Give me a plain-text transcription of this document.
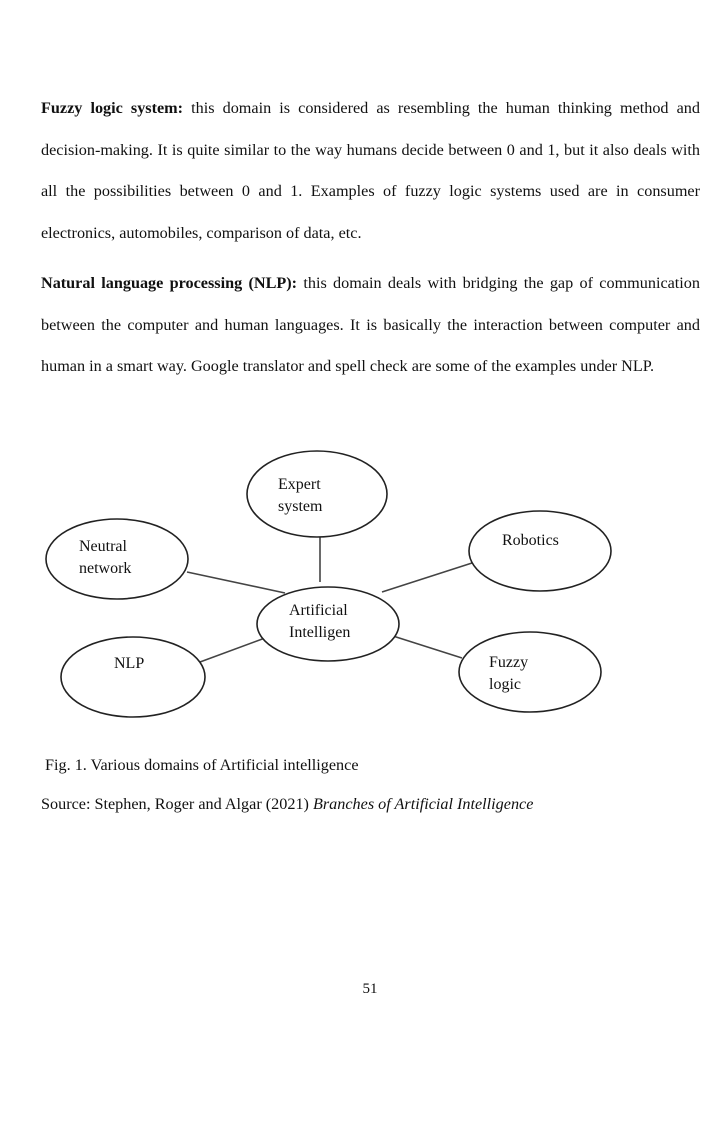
Fuzzy logic system: this domain is considered as resembling the human thinking method and decision-making. It is quite similar to the way humans decide between 0 and 1, but it also deals with all the possibilities between 0 and 1. Examples of fuzzy logic systems used are in consumer electronics, automobiles, comparison of data, etc.

Natural language processing (NLP): this domain deals with bridging the gap of communication between the computer and human languages. It is basically the interaction between computer and human in a smart way. Google translator and spell check are some of the examples under NLP.

Expert
system
Neutral
network
Robotics
Artificial
Intelligen
NLP	Fuzzy
logic

Fig. 1. Various domains of Artificial intelligence

Source: Stephen, Roger and Algar (2021) Branches of Artificial Intelligence

51
